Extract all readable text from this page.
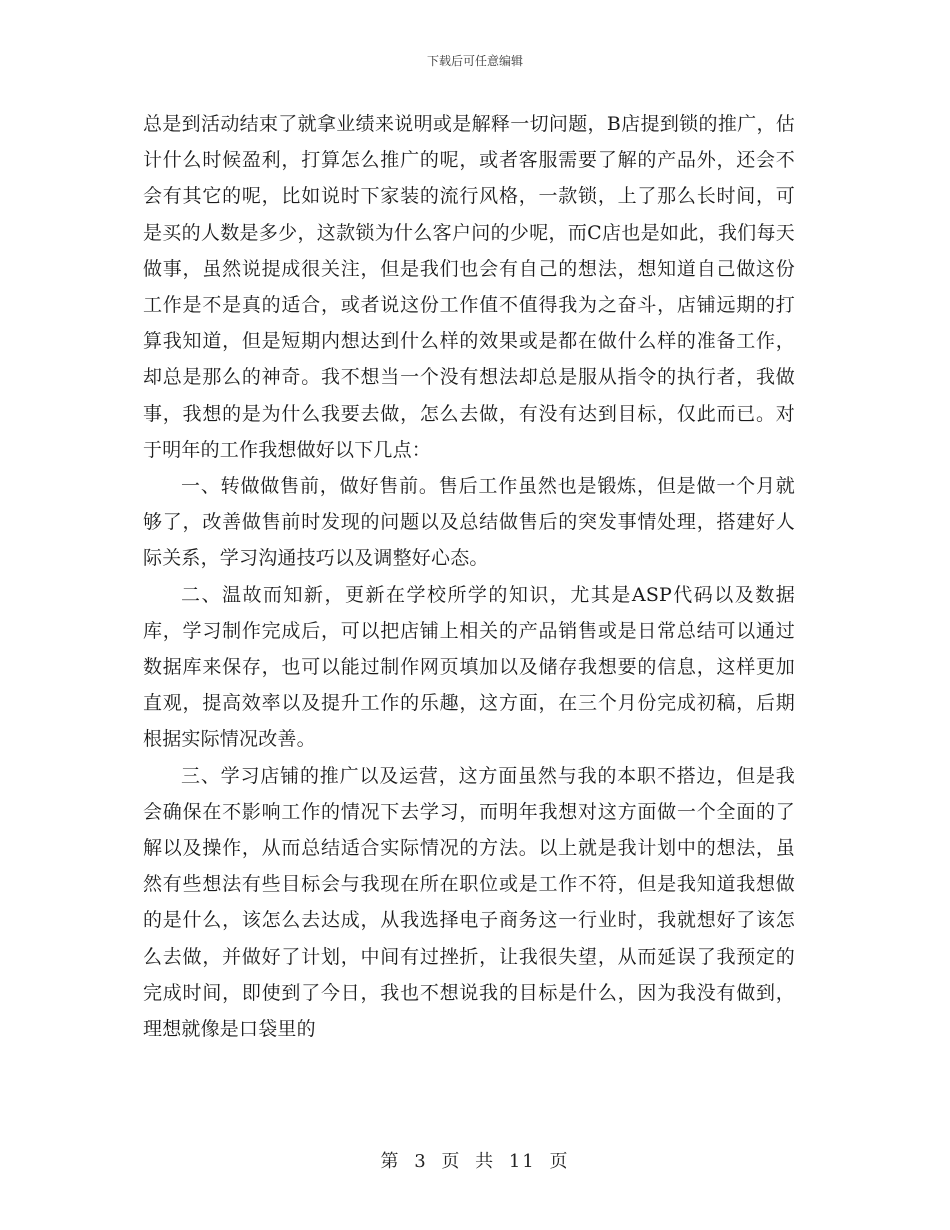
下载后可任意编辑

总是到活动结束了就拿业绩来说明或是解释一切问题，B店提到锁的推广，估计什么时候盈利，打算怎么推广的呢，或者客服需要了解的产品外，还会不会有其它的呢，比如说时下家装的流行风格，一款锁，上了那么长时间，可是买的人数是多少，这款锁为什么客户问的少呢，而C店也是如此，我们每天做事，虽然说提成很关注，但是我们也会有自己的想法，想知道自己做这份工作是不是真的适合，或者说这份工作值不值得我为之奋斗，店铺远期的打算我知道，但是短期内想达到什么样的效果或是都在做什么样的准备工作，却总是那么的神奇。我不想当一个没有想法却总是服从指令的执行者，我做事，我想的是为什么我要去做，怎么去做，有没有达到目标，仅此而已。对于明年的工作我想做好以下几点：

一、转做做售前，做好售前。售后工作虽然也是锻炼，但是做一个月就够了，改善做售前时发现的问题以及总结做售后的突发事情处理，搭建好人际关系，学习沟通技巧以及调整好心态。

二、温故而知新，更新在学校所学的知识，尤其是ASP代码以及数据库，学习制作完成后，可以把店铺上相关的产品销售或是日常总结可以通过数据库来保存，也可以能过制作网页填加以及储存我想要的信息，这样更加直观，提高效率以及提升工作的乐趣，这方面，在三个月份完成初稿，后期根据实际情况改善。

三、学习店铺的推广以及运营，这方面虽然与我的本职不搭边，但是我会确保在不影响工作的情况下去学习，而明年我想对这方面做一个全面的了解以及操作，从而总结适合实际情况的方法。以上就是我计划中的想法，虽然有些想法有些目标会与我现在所在职位或是工作不符，但是我知道我想做的是什么，该怎么去达成，从我选择电子商务这一行业时，我就想好了该怎么去做，并做好了计划，中间有过挫折，让我很失望，从而延误了我预定的完成时间，即使到了今日，我也不想说我的目标是什么，因为我没有做到，理想就像是口袋里的

第 3 页 共 11 页
